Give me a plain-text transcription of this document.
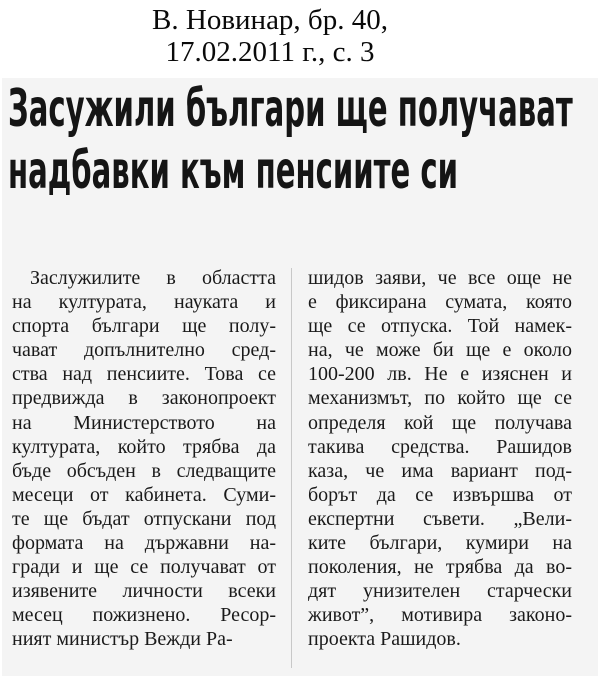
В. Новинар, бр. 40,
17.02.2011 г., с. 3
Засужили българи ще получават
надбавки към пенсиите си
Заслужилите в областта
на културата, науката и
спорта българи ще полу-
чават допълнително сред-
ства над пенсиите. Това се
предвижда в законопроект
на Министерството на
културата, който трябва да
бъде обсъден в следващите
месеци от кабинета. Суми-
те ще бъдат отпускани под
формата на държавни на-
гради и ще се получават от
изявените личности всеки
месец пожизнено. Ресор-
ният министър Вежди Ра-
шидов заяви, че все още не
е фиксирана сумата, която
ще се отпуска. Той намек-
на, че може би ще е около
100-200 лв. Не е изяснен и
механизмът, по който ще се
определя кой ще получава
такива средства. Рашидов
каза, че има вариант под-
борът да се извършва от
експертни съвети. „Вели-
ките българи, кумири на
поколения, не трябва да во-
дят унизителен старчески
живот”, мотивира законо-
проекта Рашидов.
